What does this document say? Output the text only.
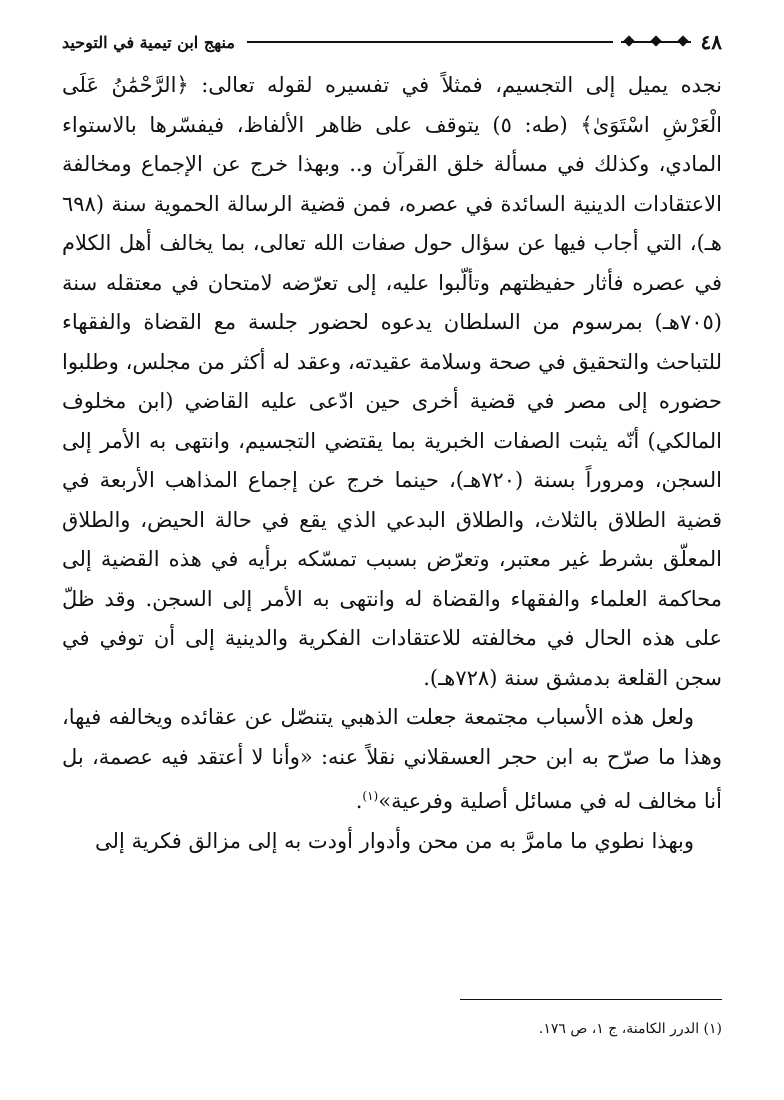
٤٨
منهج ابن تيمية في التوحيد

نجده يميل إلى التجسيم، فمثلاً في تفسيره لقوله تعالى: ﴿الرَّحْمَٰنُ عَلَى الْعَرْشِ اسْتَوَىٰ﴾ (طه: ٥) يتوقف على ظاهر الألفاظ، فيفسّرها بالاستواء المادي، وكذلك في مسألة خلق القرآن و.. وبهذا خرج عن الإجماع ومخالفة الاعتقادات الدينية السائدة في عصره، فمن قضية الرسالة الحموية سنة (٦٩٨ هـ)، التي أجاب فيها عن سؤال حول صفات الله تعالى، بما يخالف أهل الكلام في عصره فأثار حفيظتهم وتألّبوا عليه، إلى تعرّضه لامتحان في معتقله سنة (٧٠٥هـ) بمرسوم من السلطان يدعوه لحضور جلسة مع القضاة والفقهاء للتباحث والتحقيق في صحة وسلامة عقيدته، وعقد له أكثر من مجلس، وطلبوا حضوره إلى مصر في قضية أخرى حين ادّعى عليه القاضي (ابن مخلوف المالكي) أنّه يثبت الصفات الخبرية بما يقتضي التجسيم، وانتهى به الأمر إلى السجن، ومروراً بسنة (٧٢٠هـ)، حينما خرج عن إجماع المذاهب الأربعة في قضية الطلاق بالثلاث، والطلاق البدعي الذي يقع في حالة الحيض، والطلاق المعلّق بشرط غير معتبر، وتعرّض بسبب تمسّكه برأيه في هذه القضية إلى محاكمة العلماء والفقهاء والقضاة له وانتهى به الأمر إلى السجن. وقد ظلّ على هذه الحال في مخالفته للاعتقادات الفكرية والدينية إلى أن توفي في سجن القلعة بدمشق سنة (٧٢٨هـ).

ولعل هذه الأسباب مجتمعة جعلت الذهبي يتنصّل عن عقائده ويخالفه فيها، وهذا ما صرّح به ابن حجر العسقلاني نقلاً عنه: «وأنا لا أعتقد فيه عصمة، بل أنا مخالف له في مسائل أصلية وفرعية»$^{(١)}$.

وبهذا نطوي ما مامرَّ به من محن وأدوار أودت به إلى مزالق فكرية إلى

(١) الدرر الكامنة، ج ١، ص ١٧٦.
